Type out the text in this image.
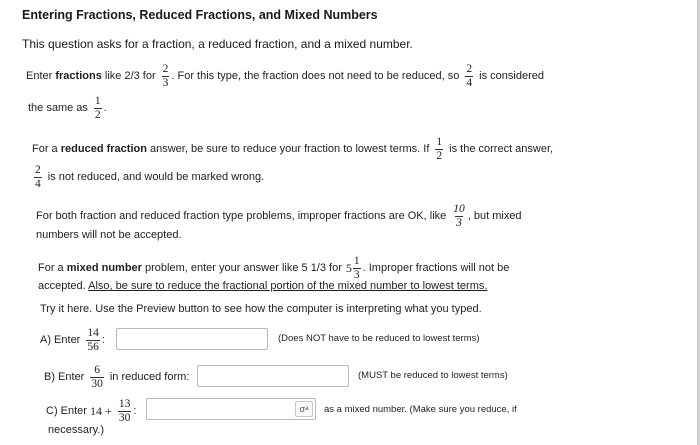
Entering Fractions, Reduced Fractions, and Mixed Numbers
This question asks for a fraction, a reduced fraction, and a mixed number.
Enter
fractions
like 2/3 for $\frac{2}{3}$ . For this type, the fraction does not need to be reduced, so $\frac{2}{4}$ is considered
the same as $\frac{1}{2}$ .
For a
reduced fraction
answer, be sure to reduce your fraction to lowest terms. If $\frac{1}{2}$ is the correct answer,
$\frac{2}{4}$ is not reduced, and would be marked wrong.
For both fraction and reduced fraction type problems, improper fractions are OK, like $\frac{10}{3}$ , but mixed
numbers will not be accepted.
For a
mixed number
problem, enter your answer like 5 1/3 for $5 \frac{1}{3}$ . Improper fractions will not be
accepted. Also, be sure to reduce the fractional portion of the mixed number to lowest terms.
Try it here. Use the Preview button to see how the computer is interpreting what you typed.
A) Enter $\frac{14}{56}$ :	(Does NOT have to be reduced to lowest terms)
B) Enter $\frac{6}{30}$ in reduced form:	(MUST be reduced to lowest terms)
C) Enter
$14 + \frac{13}{30}$ :	σᵃ	as a mixed number. (Make sure you reduce, if
necessary.)
